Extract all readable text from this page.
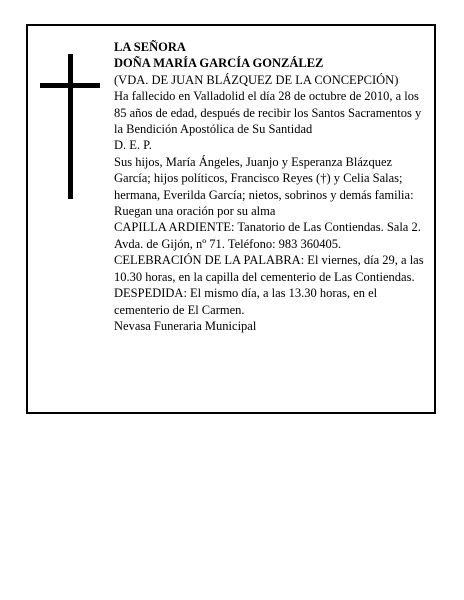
LA SEÑORA

DOÑA MARÍA GARCÍA GONZÁLEZ

(VDA. DE JUAN BLÁZQUEZ DE LA CONCEPCIÓN)

Ha fallecido en Valladolid el día 28 de octubre de 2010, a los 85 años de edad, después de recibir los Santos Sacramentos y la Bendición Apostólica de Su Santidad

D. E. P.

Sus hijos, María Ángeles, Juanjo y Esperanza Blázquez García; hijos políticos, Francisco Reyes (†) y Celia Salas; hermana, Everilda García; nietos, sobrinos y demás familia:

Ruegan una oración por su alma

CAPILLA ARDIENTE: Tanatorio de Las Contiendas. Sala 2. Avda. de Gijón, nº 71. Teléfono: 983 360405.

CELEBRACIÓN DE LA PALABRA: El viernes, día 29, a las 10.30 horas, en la capilla del cementerio de Las Contiendas.

DESPEDIDA: El mismo día, a las 13.30 horas, en el cementerio de El Carmen.

Nevasa Funeraria Municipal
